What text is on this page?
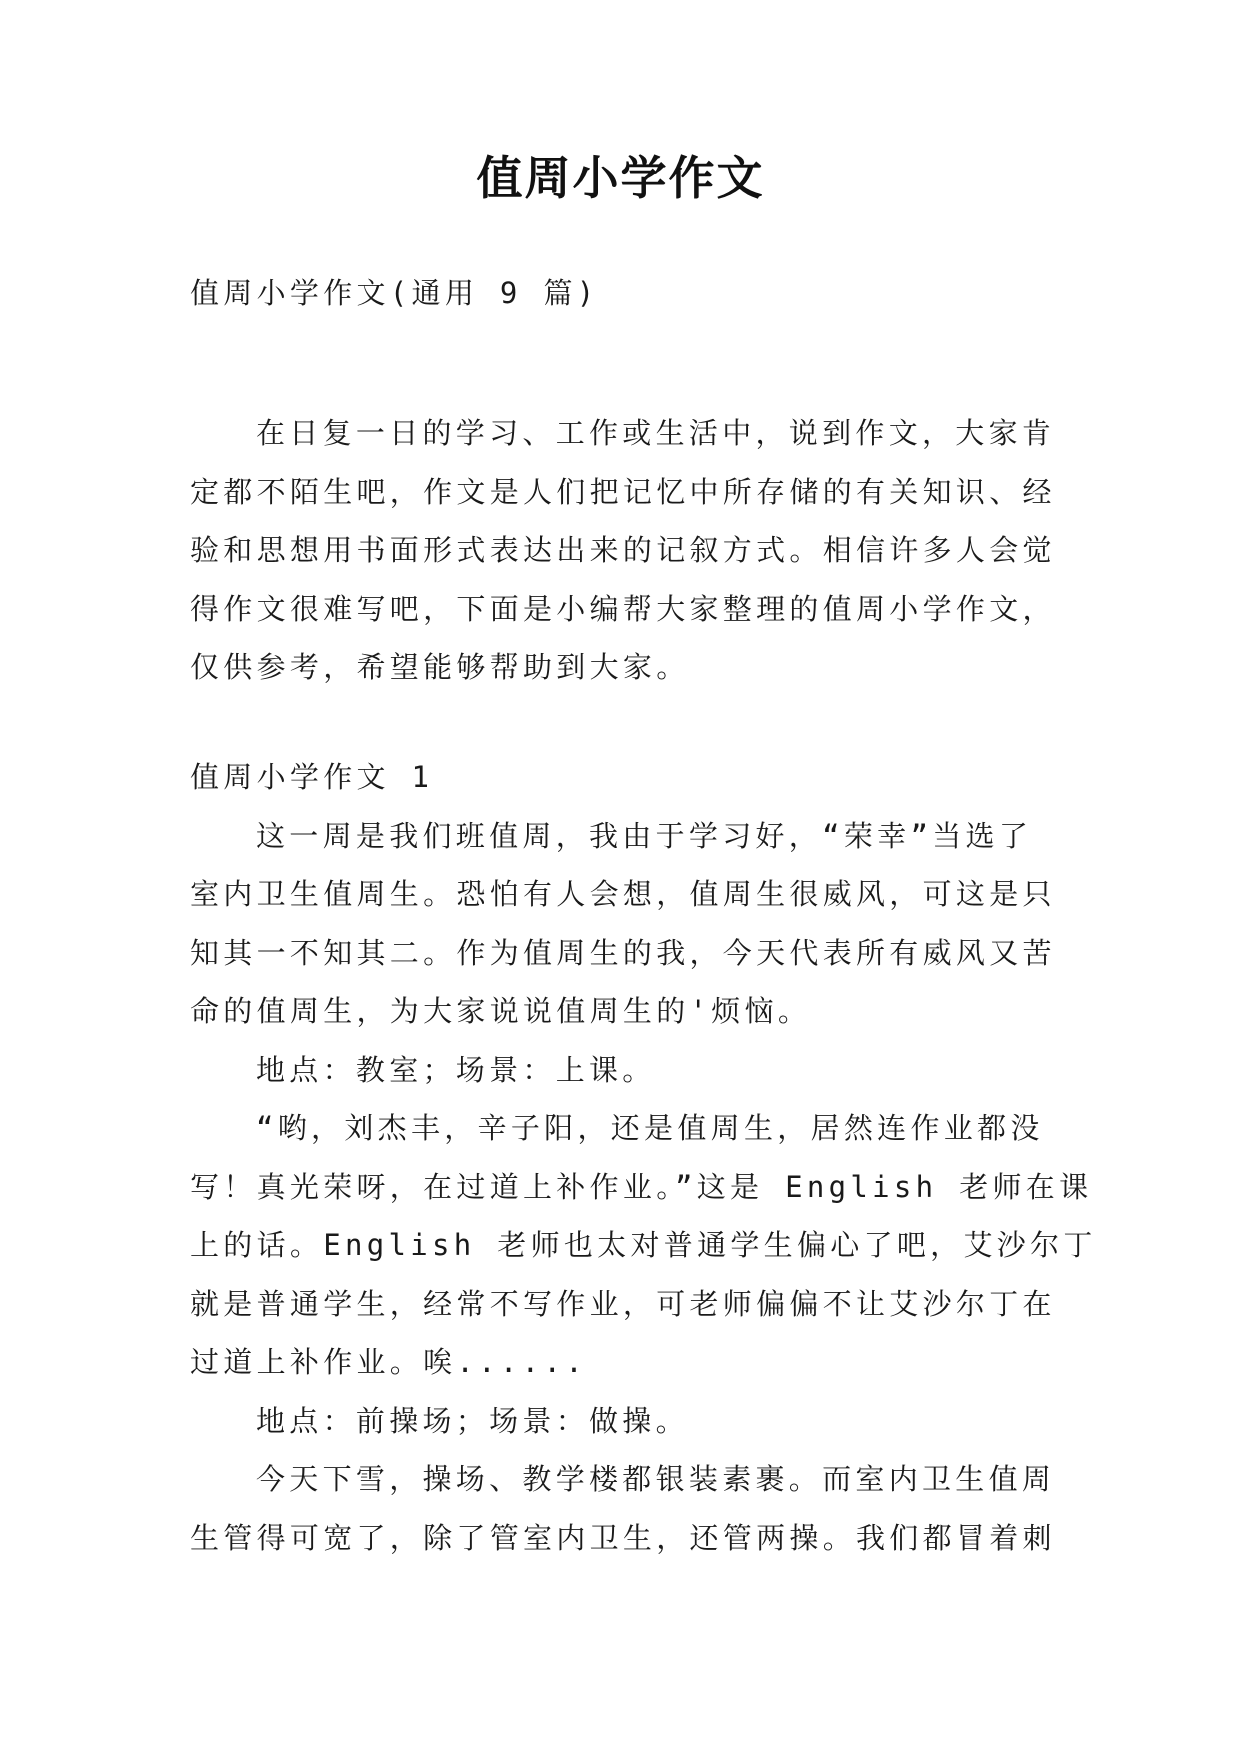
值周小学作文
值周小学作文(通用 9 篇)
在日复一日的学习、工作或生活中，说到作文，大家肯
定都不陌生吧，作文是人们把记忆中所存储的有关知识、经
验和思想用书面形式表达出来的记叙方式。相信许多人会觉
得作文很难写吧，下面是小编帮大家整理的值周小学作文，
仅供参考，希望能够帮助到大家。
值周小学作文 1
这一周是我们班值周，我由于学习好，“荣幸”当选了
室内卫生值周生。恐怕有人会想，值周生很威风，可这是只
知其一不知其二。作为值周生的我，今天代表所有威风又苦
命的值周生，为大家说说值周生的'烦恼。
地点：教室；场景：上课。
“哟，刘杰丰，辛子阳，还是值周生，居然连作业都没
写！真光荣呀，在过道上补作业。”这是 English 老师在课
上的话。English 老师也太对普通学生偏心了吧，艾沙尔丁
就是普通学生，经常不写作业，可老师偏偏不让艾沙尔丁在
过道上补作业。唉......
地点：前操场；场景：做操。
今天下雪，操场、教学楼都银装素裹。而室内卫生值周
生管得可宽了，除了管室内卫生，还管两操。我们都冒着刺
